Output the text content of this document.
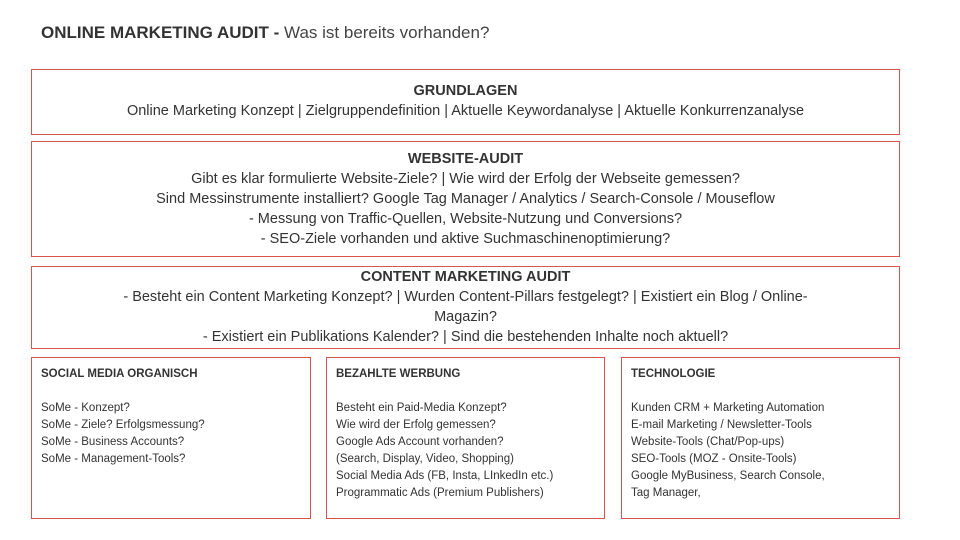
ONLINE MARKETING AUDIT - Was ist bereits vorhanden?
GRUNDLAGEN

Online Marketing Konzept | Zielgruppendefinition | Aktuelle Keywordanalyse | Aktuelle Konkurrenzanalyse

WEBSITE-AUDIT

Gibt es klar formulierte Website-Ziele? | Wie wird der Erfolg der Webseite gemessen?

Sind Messinstrumente installiert? Google Tag Manager / Analytics / Search-Console / Mouseflow

- Messung von Traffic-Quellen, Website-Nutzung und Conversions?

- SEO-Ziele vorhanden und aktive Suchmaschinenoptimierung?

CONTENT MARKETING AUDIT

- Besteht ein Content Marketing Konzept? | Wurden Content-Pillars festgelegt? | Existiert ein Blog / Online-Magazin?

- Existiert ein Publikations Kalender? | Sind die bestehenden Inhalte noch aktuell?

SOCIAL MEDIA ORGANISCH
SoMe - Konzept?
SoMe - Ziele? Erfolgsmessung?
SoMe - Business Accounts?
SoMe - Management-Tools?
BEZAHLTE WERBUNG
Besteht ein Paid-Media Konzept?
Wie wird der Erfolg gemessen?
Google Ads Account vorhanden?
(Search, Display, Video, Shopping)
Social Media Ads (FB, Insta, LInkedIn etc.)
Programmatic Ads (Premium Publishers)
TECHNOLOGIE
Kunden CRM + Marketing Automation
E-mail Marketing / Newsletter-Tools
Website-Tools (Chat/Pop-ups)
SEO-Tools (MOZ - Onsite-Tools)
Google MyBusiness, Search Console,
Tag Manager,
